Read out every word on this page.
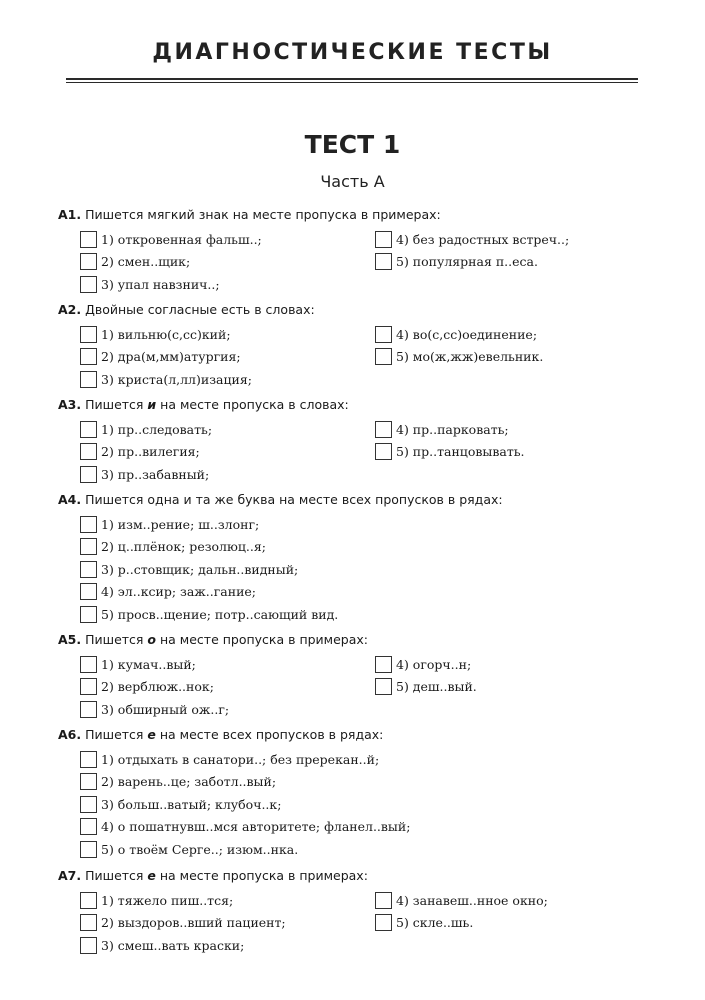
ДИАГНОСТИЧЕСКИЕ ТЕСТЫ
ТЕСТ 1
Часть А
А1. Пишется мягкий знак на месте пропуска в примерах:
1) откровенная фальш..;
2) смен..щик;
3) упал навзнич..;
4) без радостных встреч..;
5) популярная п..еса.
А2. Двойные согласные есть в словах:
1) вильню(с,сс)кий;
2) дра(м,мм)атургия;
3) криста(л,лл)изация;
4) во(с,сс)оединение;
5) мо(ж,жж)евельник.
А3. Пишется и на месте пропуска в словах:
1) пр..следовать;
2) пр..вилегия;
3) пр..забавный;
4) пр..парковать;
5) пр..танцовывать.
А4. Пишется одна и та же буква на месте всех пропусков в рядах:
1) изм..рение; ш..злонг;
2) ц..плёнок; резолюц..я;
3) р..стовщик; дальн..видный;
4) эл..ксир; заж..гание;
5) просв..щение; потр..сающий вид.
А5. Пишется о на месте пропуска в примерах:
1) кумач..вый;
2) верблюж..нок;
3) обширный ож..г;
4) огорч..н;
5) деш..вый.
А6. Пишется е на месте всех пропусков в рядах:
1) отдыхать в санатори..; без пререкан..й;
2) варень..це; заботл..вый;
3) больш..ватый; клубоч..к;
4) о пошатнувш..мся авторитете; фланел..вый;
5) о твоём Серге..; изюм..нка.
А7. Пишется е на месте пропуска в примерах:
1) тяжело пиш..тся;
2) выздоров..вший пациент;
3) смеш..вать краски;
4) занавеш..нное окно;
5) скле..шь.
